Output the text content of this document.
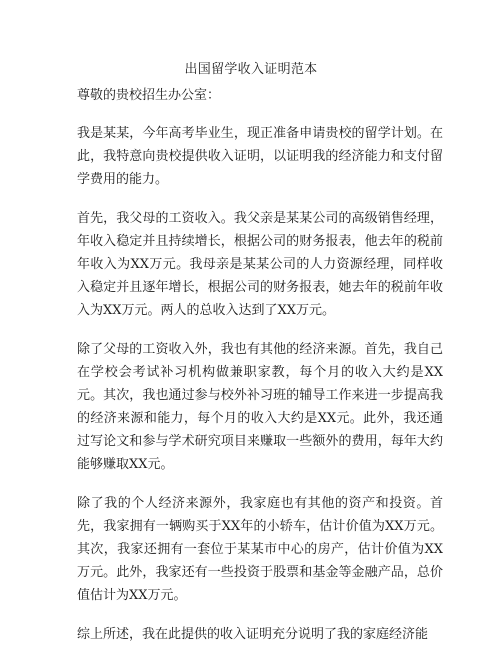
出国留学收入证明范本

尊敬的贵校招生办公室：

我是某某，今年高考毕业生，现正准备申请贵校的留学计划。在此，我特意向贵校提供收入证明，以证明我的经济能力和支付留学费用的能力。

首先，我父母的工资收入。我父亲是某某公司的高级销售经理，年收入稳定并且持续增长，根据公司的财务报表，他去年的税前年收入为XX万元。我母亲是某某公司的人力资源经理，同样收入稳定并且逐年增长，根据公司的财务报表，她去年的税前年收入为XX万元。两人的总收入达到了XX万元。

除了父母的工资收入外，我也有其他的经济来源。首先，我自己在学校会考试补习机构做兼职家教，每个月的收入大约是XX元。其次，我也通过参与校外补习班的辅导工作来进一步提高我的经济来源和能力，每个月的收入大约是XX元。此外，我还通过写论文和参与学术研究项目来赚取一些额外的费用，每年大约能够赚取XX元。

除了我的个人经济来源外，我家庭也有其他的资产和投资。首先，我家拥有一辆购买于XX年的小轿车，估计价值为XX万元。其次，我家还拥有一套位于某某市中心的房产，估计价值为XX万元。此外，我家还有一些投资于股票和基金等金融产品，总价值估计为XX万元。

综上所述，我在此提供的收入证明充分说明了我的家庭经济能
